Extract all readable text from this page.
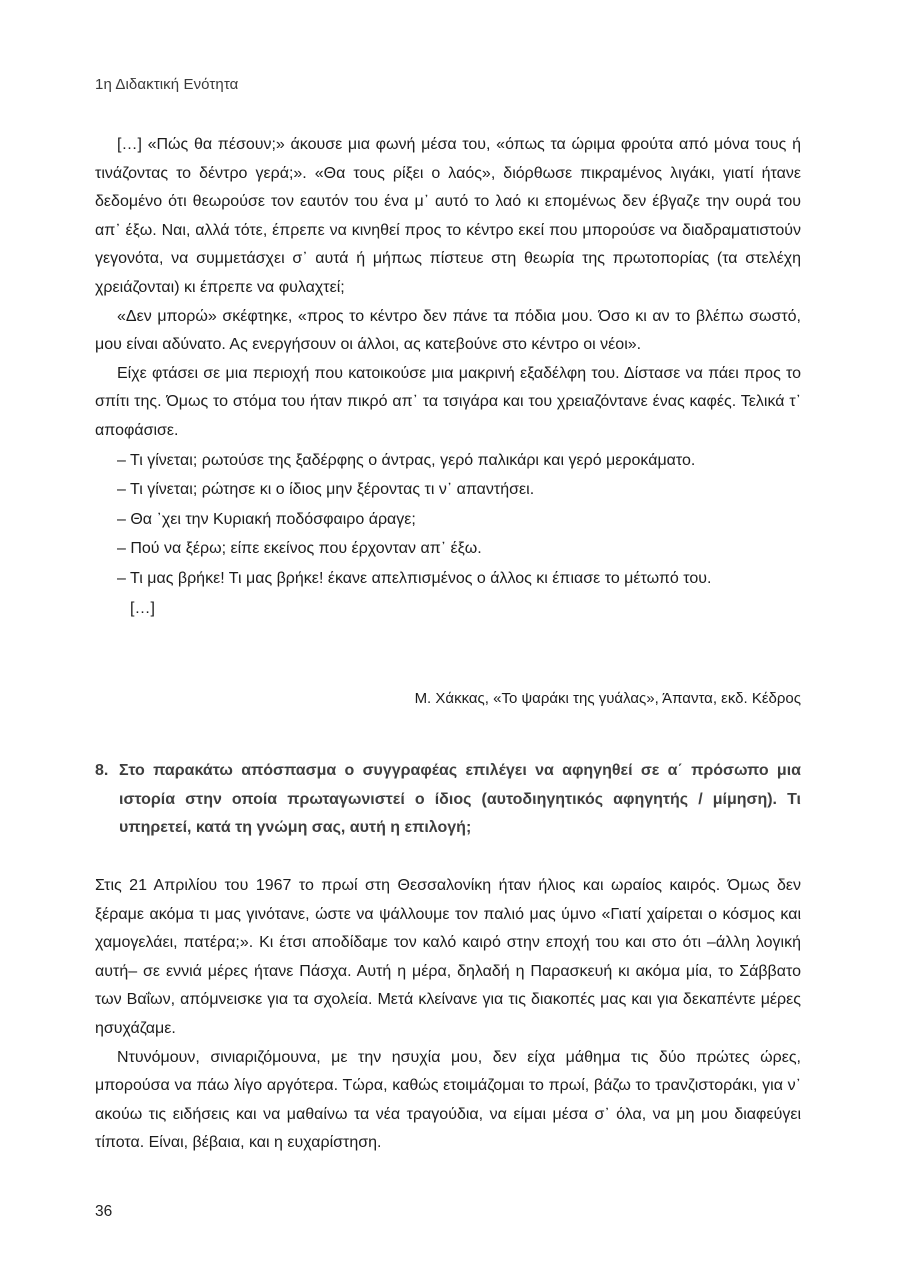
1η Διδακτική Ενότητα

[…] «Πώς θα πέσουν;» άκουσε μια φωνή μέσα του, «όπως τα ώριμα φρούτα από μόνα τους ή τινάζοντας το δέντρο γερά;». «Θα τους ρίξει ο λαός», διόρθωσε πικραμένος λιγάκι, γιατί ήτανε δεδομένο ότι θεωρούσε τον εαυτόν του ένα μ᾽ αυτό το λαό κι επομένως δεν έβγαζε την ουρά του απ᾽ έξω. Ναι, αλλά τότε, έπρεπε να κινηθεί προς το κέντρο εκεί που μπορούσε να διαδραματιστούν γεγονότα, να συμμετάσχει σ᾽ αυτά ή μήπως πίστευε στη θεωρία της πρωτοπορίας (τα στελέχη χρειάζονται) κι έπρεπε να φυλαχτεί;

«Δεν μπορώ» σκέφτηκε, «προς το κέντρο δεν πάνε τα πόδια μου. Όσο κι αν το βλέπω σωστό, μου είναι αδύνατο. Ας ενεργήσουν οι άλλοι, ας κατεβούνε στο κέντρο οι νέοι».

Είχε φτάσει σε μια περιοχή που κατοικούσε μια μακρινή εξαδέλφη του. Δίστασε να πάει προς το σπίτι της. Όμως το στόμα του ήταν πικρό απ᾽ τα τσιγάρα και του χρειαζόντανε ένας καφές. Τελικά τ᾽ αποφάσισε.

– Τι γίνεται; ρωτούσε της ξαδέρφης ο άντρας, γερό παλικάρι και γερό μεροκάματο.

– Τι γίνεται; ρώτησε κι ο ίδιος μην ξέροντας τι ν᾽ απαντήσει.

– Θα ᾽χει την Κυριακή ποδόσφαιρο άραγε;

– Πού να ξέρω; είπε εκείνος που έρχονταν απ᾽ έξω.

– Τι μας βρήκε! Τι μας βρήκε! έκανε απελπισμένος ο άλλος κι έπιασε το μέτωπό του.

[…]

Μ. Χάκκας, «Το ψαράκι της γυάλας», Άπαντα, εκδ. Κέδρος
8. Στο παρακάτω απόσπασμα ο συγγραφέας επιλέγει να αφηγηθεί σε α΄ πρόσωπο μια ιστορία στην οποία πρωταγωνιστεί ο ίδιος (αυτοδιηγητικός αφηγητής / μίμηση). Τι υπηρετεί, κατά τη γνώμη σας, αυτή η επιλογή;

Στις 21 Απριλίου του 1967 το πρωί στη Θεσσαλονίκη ήταν ήλιος και ωραίος καιρός. Όμως δεν ξέραμε ακόμα τι μας γινότανε, ώστε να ψάλλουμε τον παλιό μας ύμνο «Γιατί χαίρεται ο κόσμος και χαμογελάει, πατέρα;». Κι έτσι αποδίδαμε τον καλό καιρό στην εποχή του και στο ότι –άλλη λογική αυτή– σε εννιά μέρες ήτανε Πάσχα. Αυτή η μέρα, δηλαδή η Παρασκευή κι ακόμα μία, το Σάββατο των Βαΐων, απόμνεισκε για τα σχολεία. Μετά κλείνανε για τις διακοπές μας και για δεκαπέντε μέρες ησυχάζαμε.

Ντυνόμουν, σινιαριζόμουνα, με την ησυχία μου, δεν είχα μάθημα τις δύο πρώτες ώρες, μπορούσα να πάω λίγο αργότερα. Τώρα, καθώς ετοιμάζομαι το πρωί, βάζω το τρανζιστοράκι, για ν᾽ ακούω τις ειδήσεις και να μαθαίνω τα νέα τραγούδια, να είμαι μέσα σ᾽ όλα, να μη μου διαφεύγει τίποτα. Είναι, βέβαια, και η ευχαρίστηση.

36
